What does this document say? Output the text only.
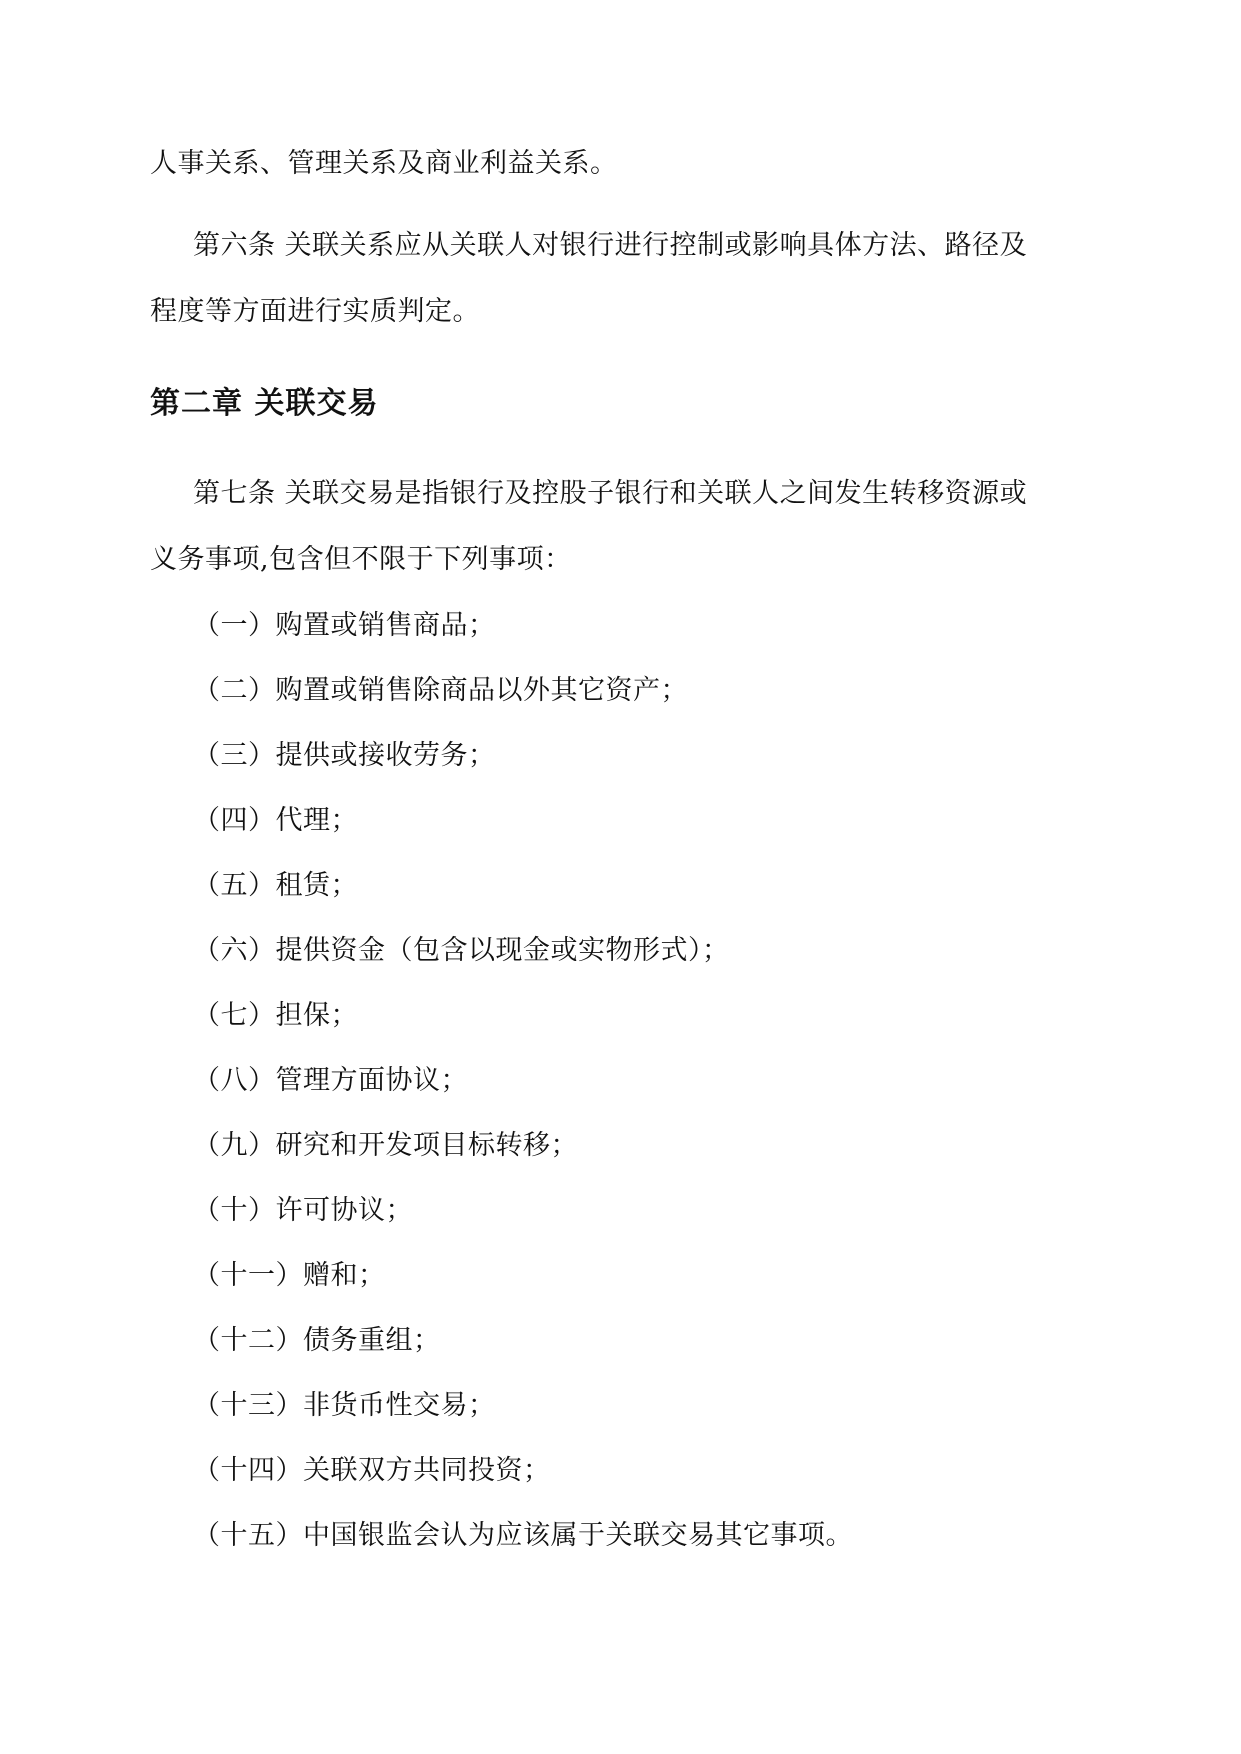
人事关系、管理关系及商业利益关系。
第六条 关联关系应从关联人对银行进行控制或影响具体方法、路径及
程度等方面进行实质判定。
第二章 关联交易
第七条 关联交易是指银行及控股子银行和关联人之间发生转移资源或
义务事项,包含但不限于下列事项：
（一）购置或销售商品；
（二）购置或销售除商品以外其它资产；
（三）提供或接收劳务；
（四）代理；
（五）租赁；
（六）提供资金（包含以现金或实物形式）；
（七）担保；
（八）管理方面协议；
（九）研究和开发项目标转移；
（十）许可协议；
（十一）赠和；
（十二）债务重组；
（十三）非货币性交易；
（十四）关联双方共同投资；
（十五）中国银监会认为应该属于关联交易其它事项。
